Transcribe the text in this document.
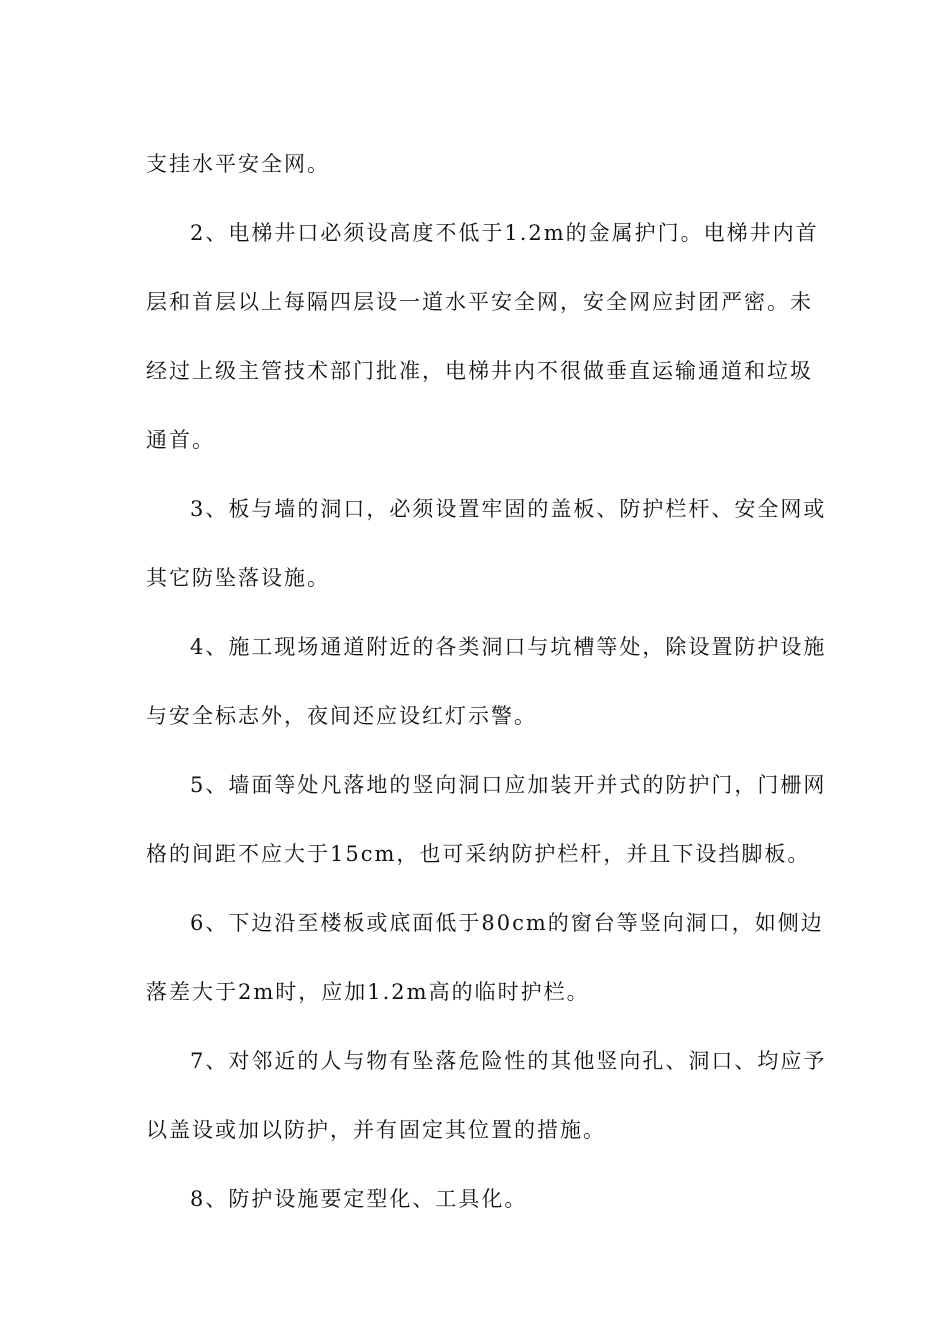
支挂水平安全网。

2、电梯井口必须设高度不低于1.2m的金属护门。电梯井内首

层和首层以上每隔四层设一道水平安全网，安全网应封团严密。未

经过上级主管技术部门批准，电梯井内不很做垂直运输通道和垃圾

通首。

3、板与墙的洞口，必须设置牢固的盖板、防护栏杆、安全网或

其它防坠落设施。

4、施工现场通道附近的各类洞口与坑槽等处，除设置防护设施

与安全标志外，夜间还应设红灯示警。

5、墙面等处凡落地的竖向洞口应加装开并式的防护门，门栅网

格的间距不应大于15cm，也可采纳防护栏杆，并且下设挡脚板。

6、下边沿至楼板或底面低于80cm的窗台等竖向洞口，如侧边

落差大于2m时，应加1.2m高的临时护栏。

7、对邻近的人与物有坠落危险性的其他竖向孔、洞口、均应予

以盖设或加以防护，并有固定其位置的措施。

8、防护设施要定型化、工具化。
